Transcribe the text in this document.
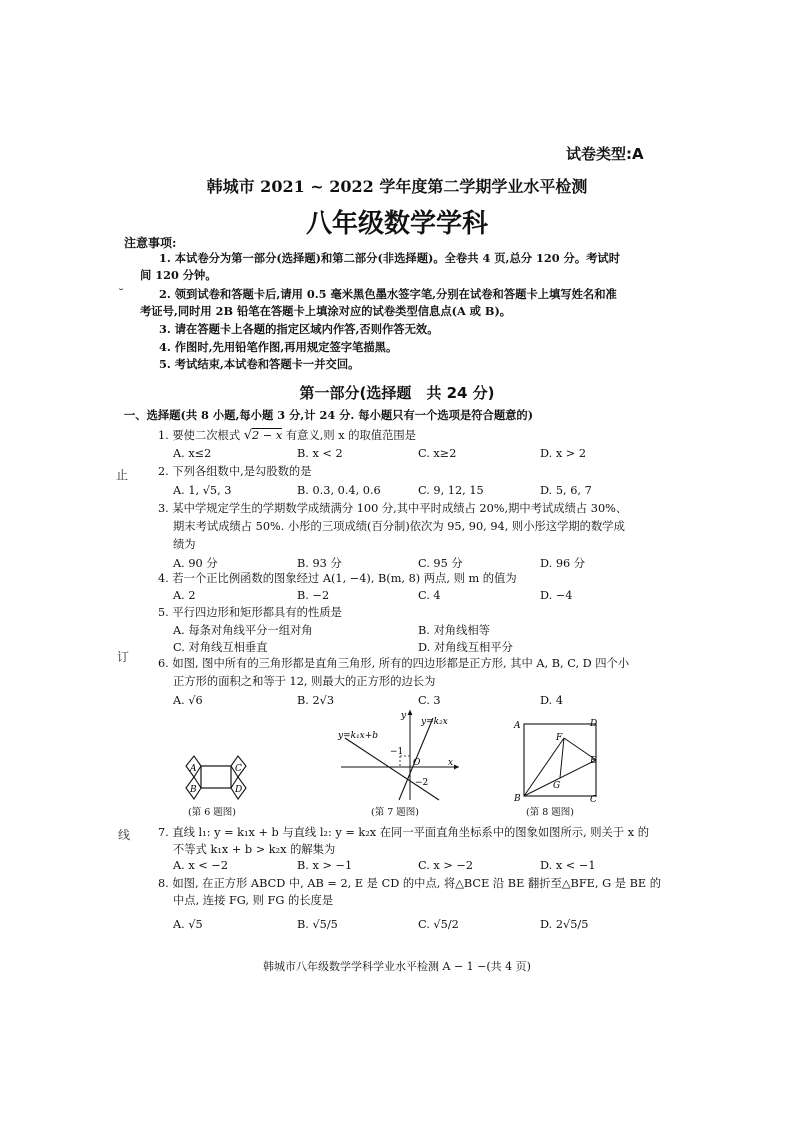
˘
止
订
线
试卷类型:A
韩城市 2021 ~ 2022 学年度第二学期学业水平检测
八年级数学学科
注意事项:
1. 本试卷分为第一部分(选择题)和第二部分(非选择题)。全卷共 4 页,总分 120 分。考试时
间 120 分钟。
2. 领到试卷和答题卡后,请用 0.5 毫米黑色墨水签字笔,分别在试卷和答题卡上填写姓名和准
考证号,同时用 2B 铅笔在答题卡上填涂对应的试卷类型信息点(A 或 B)。
3. 请在答题卡上各题的指定区域内作答,否则作答无效。
4. 作图时,先用铅笔作图,再用规定签字笔描黑。
5. 考试结束,本试卷和答题卡一并交回。
第一部分(选择题　共 24 分)
一、选择题(共 8 小题,每小题 3 分,计 24 分. 每小题只有一个选项是符合题意的)
1. 要使二次根式 √2 − x 有意义,则 x 的取值范围是
A. x≤2	B. x < 2	C. x≥2	D. x > 2
2. 下列各组数中,是勾股数的是
A. 1, √5, 3	B. 0.3, 0.4, 0.6	C. 9, 12, 15	D. 5, 6, 7
3. 某中学规定学生的学期数学成绩满分 100 分,其中平时成绩占 20%,期中考试成绩占 30%、
期末考试成绩占 50%. 小彤的三项成绩(百分制)依次为 95, 90, 94, 则小彤这学期的数学成
绩为
A. 90 分	B. 93 分	C. 95 分	D. 96 分
4. 若一个正比例函数的图象经过 A(1, −4), B(m, 8) 两点, 则 m 的值为
A. 2	B. −2	C. 4	D. −4
5. 平行四边形和矩形都具有的性质是
A. 每条对角线平分一组对角	B. 对角线相等
C. 对角线互相垂直	D. 对角线互相平分
6. 如图, 图中所有的三角形都是直角三角形, 所有的四边形都是正方形, 其中 A, B, C, D 四个小
正方形的面积之和等于 12, 则最大的正方形的边长为
A. √6	B. 2√3	C. 3	D. 4
A
B
C
D
(第 6 题图)
y=k₁x+b
y=k₂x
x
y
O
−1
−2
(第 7 题图)
A	D
F
E
G
B	C
(第 8 题图)
7. 直线 l₁: y = k₁x + b 与直线 l₂: y = k₂x 在同一平面直角坐标系中的图象如图所示, 则关于 x 的
不等式 k₁x + b > k₂x 的解集为
A. x < −2	B. x > −1	C. x > −2	D. x < −1
8. 如图, 在正方形 ABCD 中, AB = 2, E 是 CD 的中点, 将△BCE 沿 BE 翻折至△BFE, G 是 BE 的
中点, 连接 FG, 则 FG 的长度是
A. √5	B. √5/5	C. √5/2	D. 2√5/5
韩城市八年级数学学科学业水平检测 A − 1 −(共 4 页)
